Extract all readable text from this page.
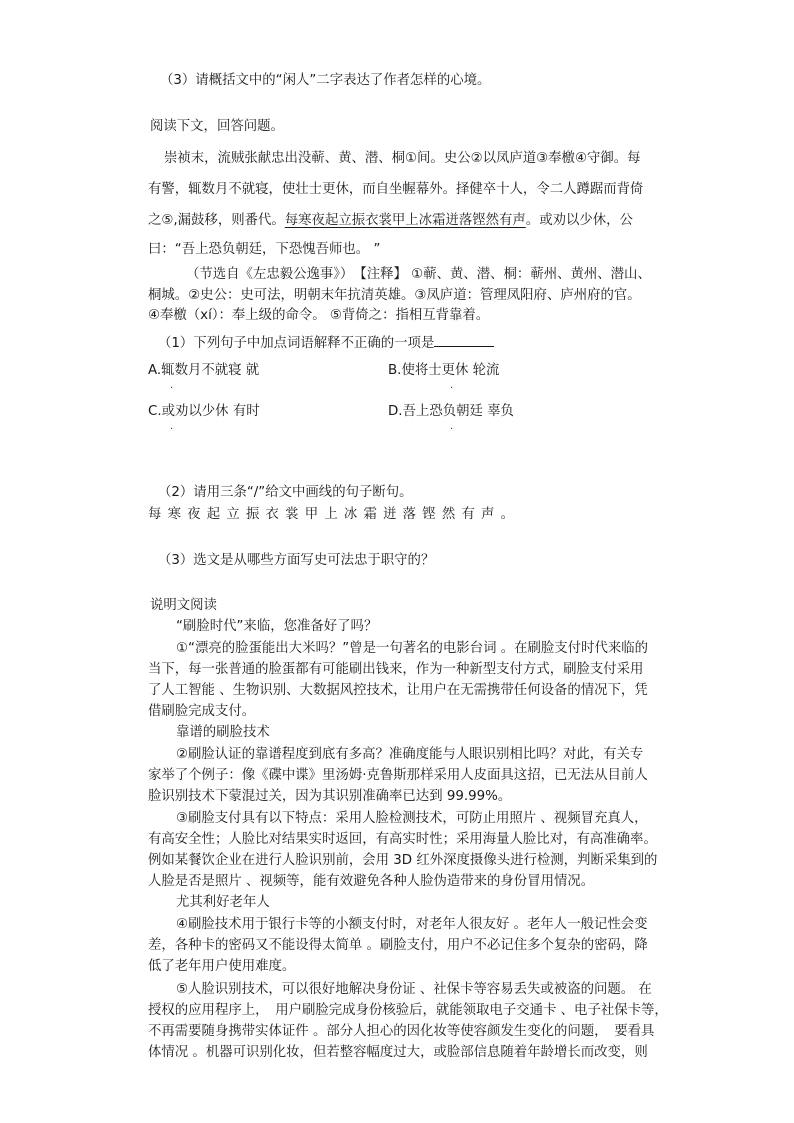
（3）请概括文中的“闲人”二字表达了作者怎样的心境。
阅读下文，回答问题。
崇祯末，流贼张献忠出没蕲、黄、潜、桐①间。史公②以凤庐道③奉檄④守御。每
有警，辄数月不就寝，使壮士更休，而自坐幄幕外。择健卒十人，令二人蹲踞而背倚
之⑤,漏鼓移，则番代。每寒夜起立振衣裳甲上冰霜迸落铿然有声。或劝以少休，公
曰：“吾上恐负朝廷，下恐愧吾师也。 ”
（节选自《左忠毅公逸事》）　【注释】 ①蕲、黄、潜、桐：蕲州、黄州、潜山、
桐城。②史公：史可法，明朝末年抗清英雄。③凤庐道：管理凤阳府、庐州府的官。
④奉檄（xí）：奉上级的命令。 ⑤背倚之：指相互背靠着。
（1）下列句子中加点词语解释不正确的一项是
A.辄数月不就寝 就
·
B.使将士更休 轮流
·
C.或劝以少休 有时
·
D.吾上恐负朝廷 辜负
·
（2）请用三条“/”给文中画线的句子断句。
每寒夜起立振衣裳甲上冰霜迸落铿然有声。
（3）选文是从哪些方面写史可法忠于职守的？
说明文阅读
“刷脸时代”来临，您准备好了吗？
①“漂亮的脸蛋能出大米吗？”曾是一句著名的电影台词 。在刷脸支付时代来临的
当下，每一张普通的脸蛋都有可能刷出钱来，作为一种新型支付方式，刷脸支付采用
了人工智能 、生物识别、大数据风控技术，让用户在无需携带任何设备的情况下，凭
借刷脸完成支付。
靠谱的刷脸技术
②刷脸认证的靠谱程度到底有多高？准确度能与人眼识别相比吗？对此，有关专
家举了个例子：像《碟中谍》里汤姆·克鲁斯那样采用人皮面具这招，已无法从目前人
脸识别技术下蒙混过关，因为其识别准确率已达到 99.99%。
③刷脸支付具有以下特点：采用人脸检测技术，可防止用照片 、视频冒充真人，
有高安全性；人脸比对结果实时返回，有高实时性；采用海量人脸比对，有高准确率。
例如某餐饮企业在进行人脸识别前，会用 3D 红外深度摄像头进行检测，判断采集到的
人脸是否是照片 、视频等，能有效避免各种人脸伪造带来的身份冒用情况。
尤其利好老年人
④刷脸技术用于银行卡等的小额支付时，对老年人很友好 。老年人一般记性会变
差，各种卡的密码又不能设得太简单 。刷脸支付，用户不必记住多个复杂的密码，降
低了老年用户使用难度。
⑤人脸识别技术，可以很好地解决身份证 、社保卡等容易丢失或被盗的问题。 在
授权的应用程序上，　用户刷脸完成身份核验后，就能领取电子交通卡 、电子社保卡等，
不再需要随身携带实体证件 。部分人担心的因化妆等使容颜发生变化的问题，　要看具
体情况 。机器可识别化妆，但若整容幅度过大，或脸部信息随着年龄增长而改变，则
